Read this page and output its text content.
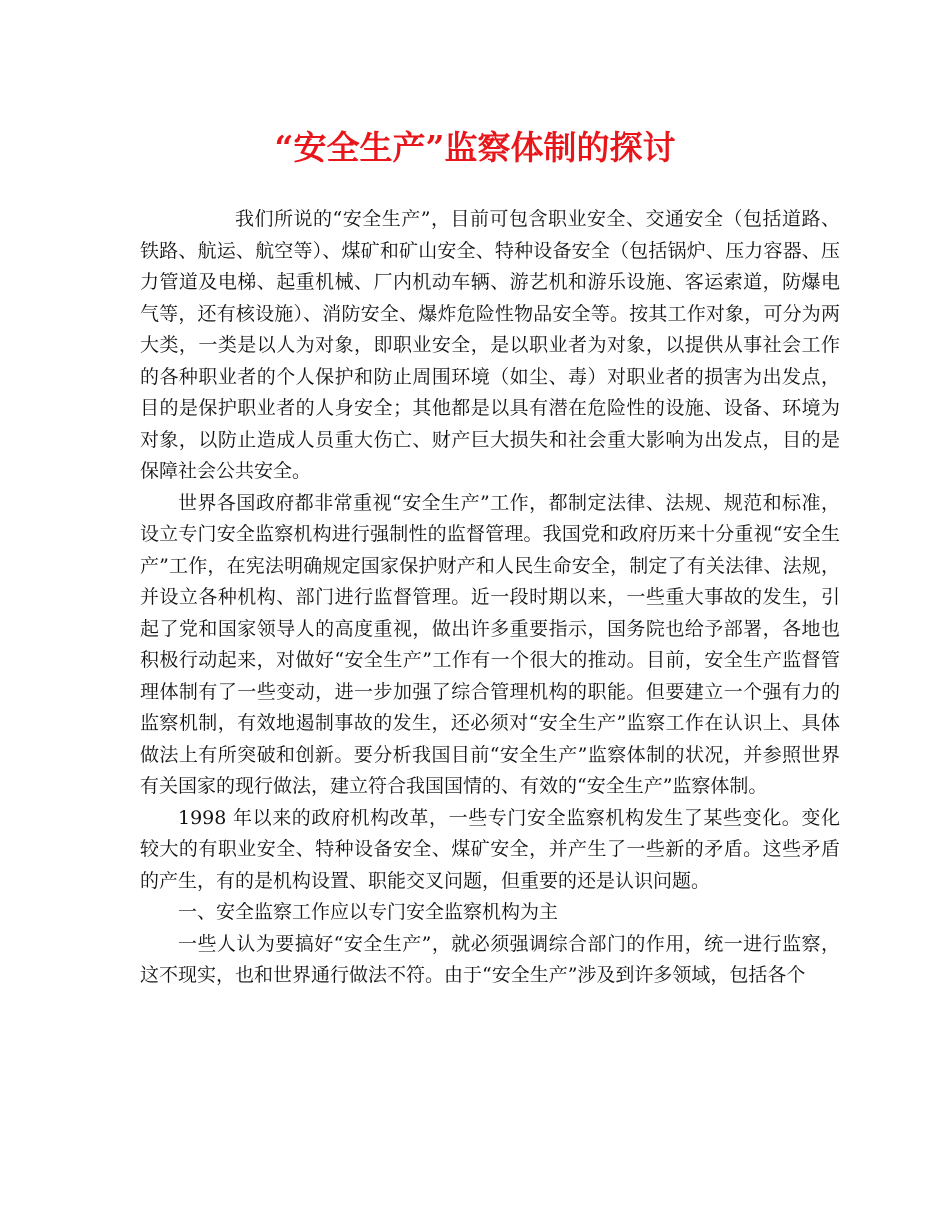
“安全生产”监察体制的探讨

我们所说的“安全生产”，目前可包含职业安全、交通安全（包括道路、铁路、航运、航空等）、煤矿和矿山安全、特种设备安全（包括锅炉、压力容器、压力管道及电梯、起重机械、厂内机动车辆、游艺机和游乐设施、客运索道，防爆电气等，还有核设施）、消防安全、爆炸危险性物品安全等。按其工作对象，可分为两大类，一类是以人为对象，即职业安全，是以职业者为对象，以提供从事社会工作的各种职业者的个人保护和防止周围环境（如尘、毒）对职业者的损害为出发点，目的是保护职业者的人身安全；其他都是以具有潜在危险性的设施、设备、环境为对象，以防止造成人员重大伤亡、财产巨大损失和社会重大影响为出发点，目的是保障社会公共安全。

世界各国政府都非常重视“安全生产”工作，都制定法律、法规、规范和标准，设立专门安全监察机构进行强制性的监督管理。我国党和政府历来十分重视“安全生产”工作，在宪法明确规定国家保护财产和人民生命安全，制定了有关法律、法规，并设立各种机构、部门进行监督管理。近一段时期以来，一些重大事故的发生，引起了党和国家领导人的高度重视，做出许多重要指示，国务院也给予部署，各地也积极行动起来，对做好“安全生产”工作有一个很大的推动。目前，安全生产监督管理体制有了一些变动，进一步加强了综合管理机构的职能。但要建立一个强有力的监察机制，有效地遏制事故的发生，还必须对“安全生产”监察工作在认识上、具体做法上有所突破和创新。要分析我国目前“安全生产”监察体制的状况，并参照世界有关国家的现行做法，建立符合我国国情的、有效的“安全生产”监察体制。

1998 年以来的政府机构改革，一些专门安全监察机构发生了某些变化。变化较大的有职业安全、特种设备安全、煤矿安全，并产生了一些新的矛盾。这些矛盾的产生，有的是机构设置、职能交叉问题，但重要的还是认识问题。

一、安全监察工作应以专门安全监察机构为主

一些人认为要搞好“安全生产”，就必须强调综合部门的作用，统一进行监察，这不现实，也和世界通行做法不符。由于“安全生产”涉及到许多领域，包括各个
